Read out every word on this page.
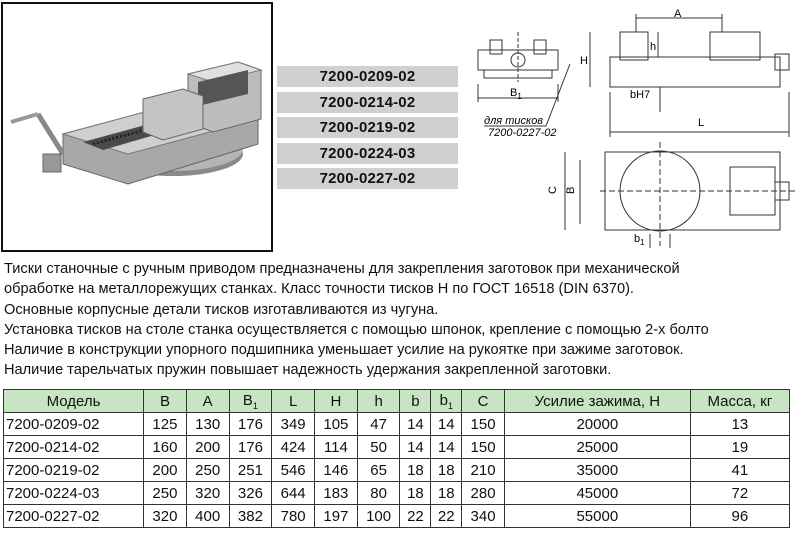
7200-0209-02
7200-0214-02
7200-0219-02
7200-0224-03
7200-0227-02
$B_1$
для тисков
7200-0227-02
A
H
h
bH7
L
C B
$b_1$
Тиски станочные с ручным приводом предназначены для закрепления заготовок при механической
обработке на металлорежущих станках. Класс точности тисков Н по ГОСТ 16518 (DIN 6370).
Основные корпусные детали тисков изготавливаются из чугуна.
Установка тисков на столе станка осуществляется с помощью шпонок, крепление с помощью 2-х болто
Наличие в конструкции упорного подшипника уменьшает усилие на рукоятке при зажиме заготовок.
Наличие тарельчатых пружин повышает надежность удержания закрепленной заготовки.
Модель	B	A	$B_1$	L	H	h	b	$b_1$	C	Усилие зажима, Н	Масса, кг
7200-0209-02	125	130	176	349	105	47	14	14	150	20000	13
7200-0214-02	160	200	176	424	114	50	14	14	150	25000	19
7200-0219-02	200	250	251	546	146	65	18	18	210	35000	41
7200-0224-03	250	320	326	644	183	80	18	18	280	45000	72
7200-0227-02	320	400	382	780	197	100	22	22	340	55000	96
